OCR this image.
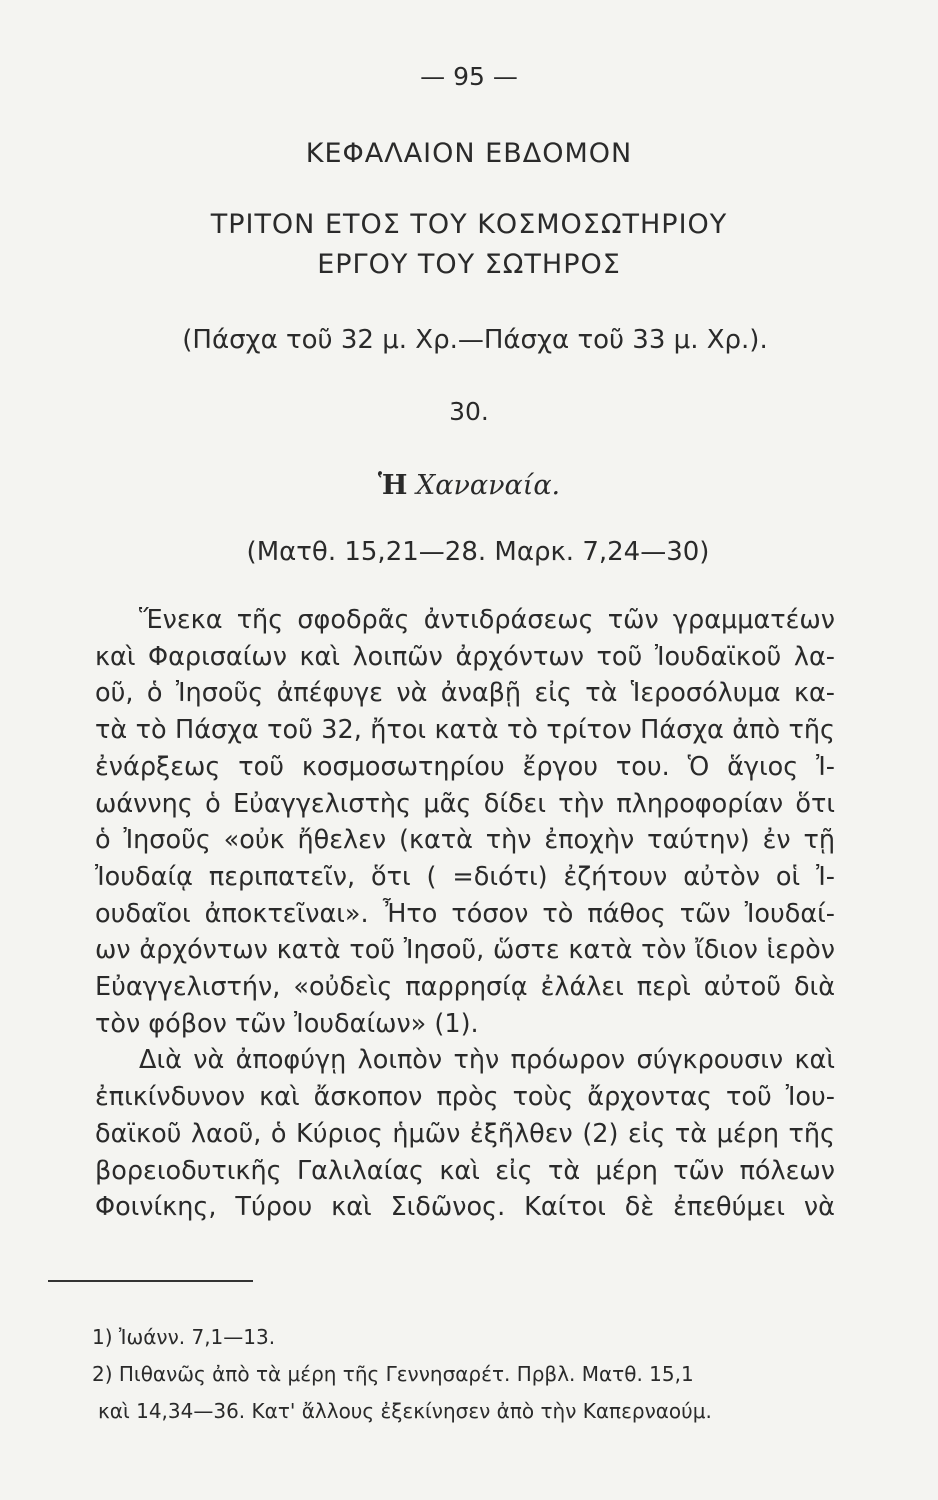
— 95 —
ΚΕΦΑΛΑΙΟΝ ΕΒΔΟΜΟΝ
ΤΡΙΤΟΝ ΕΤΟΣ ΤΟΥ ΚΟΣΜΟΣΩΤΗΡΙΟΥ
ΕΡΓΟΥ ΤΟΥ ΣΩΤΗΡΟΣ
(Πάσχα τοῦ 32 μ. Χρ.—Πάσχα τοῦ 33 μ. Χρ.).
30.
Ἡ Χαναναία.
(Ματθ. 15,21—28. Μαρκ. 7,24—30)
Ἕνεκα τῆς σφοδρᾶς ἀντιδράσεως τῶν γραμματέων
καὶ Φαρισαίων καὶ λοιπῶν ἀρχόντων τοῦ Ἰουδαϊκοῦ λα-
οῦ, ὁ Ἰησοῦς ἀπέφυγε νὰ ἀναβῇ εἰς τὰ Ἱεροσόλυμα κα-
τὰ τὸ Πάσχα τοῦ 32, ἤτοι κατὰ τὸ τρίτον Πάσχα ἀπὸ τῆς
ἐνάρξεως τοῦ κοσμοσωτηρίου ἔργου του. Ὁ ἅγιος Ἰ-
ωάννης ὁ Εὐαγγελιστὴς μᾶς δίδει τὴν πληροφορίαν ὅτι
ὁ Ἰησοῦς «οὐκ ἤθελεν (κατὰ τὴν ἐποχὴν ταύτην) ἐν τῇ
Ἰουδαίᾳ περιπατεῖν, ὅτι ( =διότι) ἐζήτουν αὐτὸν οἱ Ἰ-
ουδαῖοι ἀποκτεῖναι». Ἦτο τόσον τὸ πάθος τῶν Ἰουδαί-
ων ἀρχόντων κατὰ τοῦ Ἰησοῦ, ὥστε κατὰ τὸν ἴδιον ἱερὸν
Εὐαγγελιστήν, «οὐδεὶς παρρησίᾳ ἐλάλει περὶ αὐτοῦ διὰ
τὸν φόβον τῶν Ἰουδαίων» (1).
Διὰ νὰ ἀποφύγῃ λοιπὸν τὴν πρόωρον σύγκρουσιν καὶ
ἐπικίνδυνον καὶ ἄσκοπον πρὸς τοὺς ἄρχοντας τοῦ Ἰου-
δαϊκοῦ λαοῦ, ὁ Κύριος ἡμῶν ἐξῆλθεν (2) εἰς τὰ μέρη τῆς
βορειοδυτικῆς Γαλιλαίας καὶ εἰς τὰ μέρη τῶν πόλεων
Φοινίκης, Τύρου καὶ Σιδῶνος. Καίτοι δὲ ἐπεθύμει νὰ
1) Ἰωάνν. 7,1—13.
2) Πιθανῶς ἀπὸ τὰ μέρη τῆς Γεννησαρέτ. Πρβλ. Ματθ. 15,1
καὶ 14,34—36. Κατ' ἄλλους ἐξεκίνησεν ἀπὸ τὴν Καπερναούμ.
